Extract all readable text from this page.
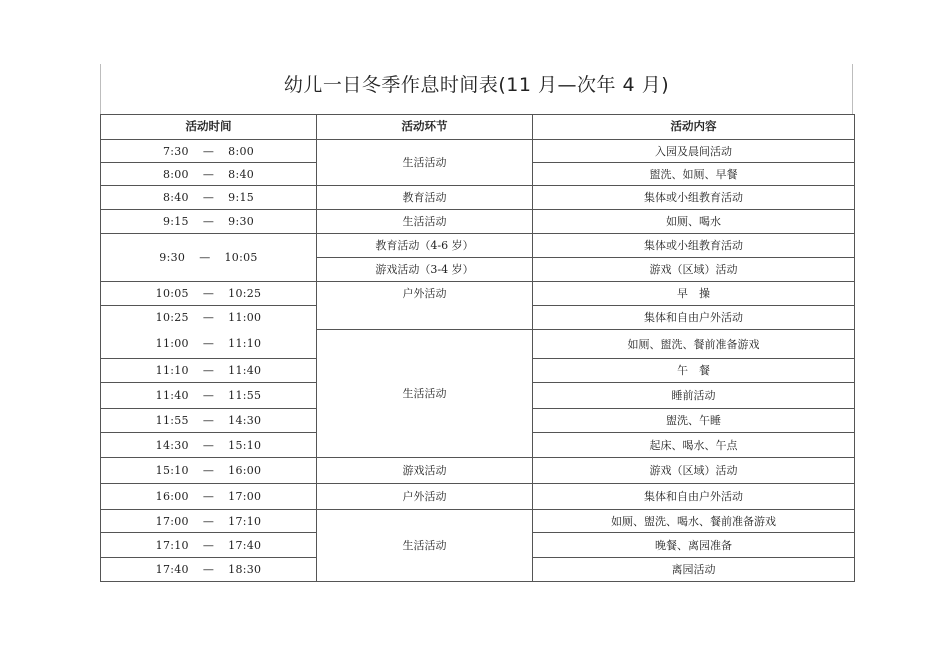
幼儿一日冬季作息时间表(11 月—次年 4 月)
活动时间	活动环节	活动内容
7:30 — 8:00	生活活动	入园及晨间活动
8:00 — 8:40		盥洗、如厕、早餐
8:40 — 9:15	教育活动	集体或小组教育活动
9:15 — 9:30	生活活动	如厕、喝水
9:30 — 10:05	教育活动（4-6 岁）	集体或小组教育活动
	游戏活动（3-4 岁）	游戏（区域）活动
10:05 — 10:25	户外活动	早　操
10:25 — 11:00		集体和自由户外活动
11:00 — 11:10	生活活动	如厕、盥洗、餐前准备游戏
11:10 — 11:40		午　餐
11:40 — 11:55		睡前活动
11:55 — 14:30		盥洗、午睡
14:30 — 15:10		起床、喝水、午点
15:10 — 16:00	游戏活动	游戏（区域）活动
16:00 — 17:00	户外活动	集体和自由户外活动
17:00 — 17:10	生活活动	如厕、盥洗、喝水、餐前准备游戏
17:10 — 17:40		晚餐、离园准备
17:40 — 18:30		离园活动
